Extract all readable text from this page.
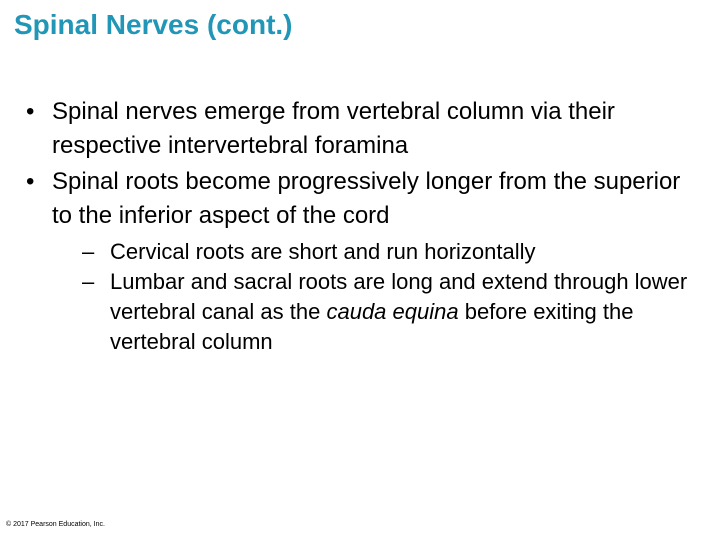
Spinal Nerves (cont.)
• Spinal nerves emerge from vertebral column via their respective intervertebral foramina
• Spinal roots become progressively longer from the superior to the inferior aspect of the cord
– Cervical roots are short and run horizontally
– Lumbar and sacral roots are long and extend through lower vertebral canal as the cauda equina before exiting the vertebral column
© 2017 Pearson Education, Inc.
